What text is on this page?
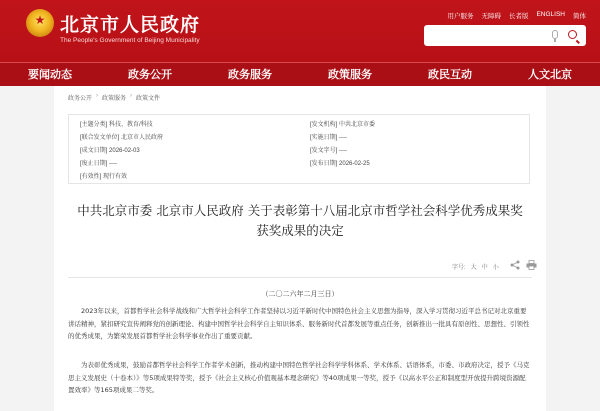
★
北京市人民政府
The People's Government of Beijing Municipality
用户服务 无障碍 长者版 ENGLISH 简体
要闻动态	政务公开	政务服务	政策服务	政民互动	人文北京
政务公开 › 政策服务 › 政策文件
[主题分类] 科技、教育/科技	[发文机构] 中共北京市委
[联合发文单位] 北京市人民政府	[实施日期] ----
[成文日期] 2026-02-03	[发文字号] ----
[废止日期] ----	[发布日期] 2026-02-25
[有效性] 现行有效
中共北京市委 北京市人民政府 关于表彰第十八届北京市哲学社会科学优秀成果奖
获奖成果的决定
字号: 大 中 小
（二〇二六年二月三日）

2023年以来，首都哲学社会科学战线和广大哲学社会科学工作者坚持以习近平新时代中国特色社会主义思想为指导，深入学习贯彻习近平总书记对北京重要讲话精神，紧扣研究宣传阐释党的创新理论、构建中国哲学社会科学自主知识体系、服务新时代首都发展等重点任务，创新推出一批具有原创性、思想性、引领性的优秀成果，为繁荣发展首都哲学社会科学事业作出了重要贡献。

为表彰优秀成果，鼓励首都哲学社会科学工作者学术创新，推动构建中国特色哲学社会科学学科体系、学术体系、话语体系，市委、市政府决定，授予《马克思主义发展史（十卷本）》等5项成果特等奖，授予《社会主义核心价值观基本理念研究》等40项成果一等奖，授予《以高水平公正和制度型开放提升跨境资源配置效率》等165项成果二等奖。
